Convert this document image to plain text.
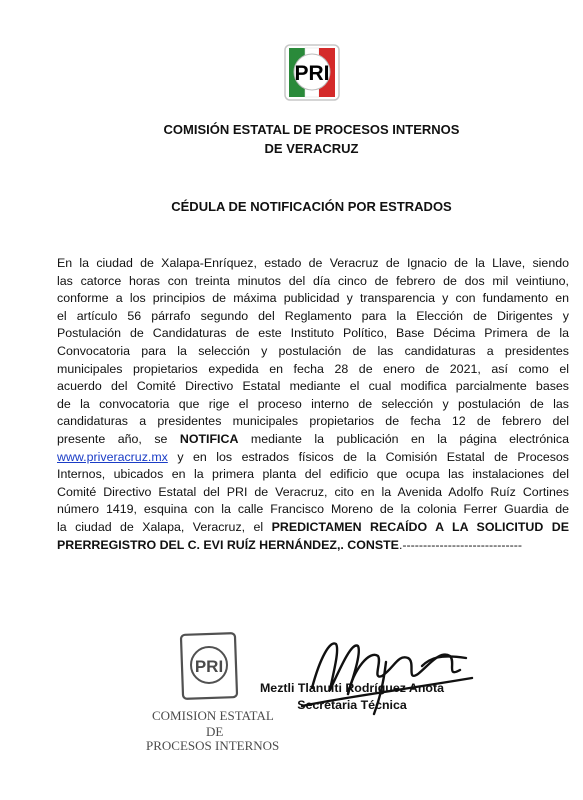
PRI
COMISIÓN ESTATAL DE PROCESOS INTERNOS
DE VERACRUZ
CÉDULA DE NOTIFICACIÓN POR ESTRADOS
En la ciudad de Xalapa-Enríquez, estado de Veracruz de Ignacio de la Llave, siendo
las catorce horas con treinta minutos del día cinco de febrero de dos mil veintiuno,
conforme a los principios de máxima publicidad y transparencia y con fundamento en
el artículo 56 párrafo segundo del Reglamento para la Elección de Dirigentes y
Postulación de Candidaturas de este Instituto Político, Base Décima Primera de la
Convocatoria para la selección y postulación de las candidaturas a presidentes
municipales propietarios expedida en fecha 28 de enero de 2021, así como el
acuerdo del Comité Directivo Estatal mediante el cual modifica parcialmente bases
de la convocatoria que rige el proceso interno de selección y postulación de las
candidaturas a presidentes municipales propietarios de fecha 12 de febrero del
presente año, se NOTIFICA mediante la publicación en la página electrónica
www.priveracruz.mx y en los estrados físicos de la Comisión Estatal de Procesos
Internos, ubicados en la primera planta del edificio que ocupa las instalaciones del
Comité Directivo Estatal del PRI de Veracruz, cito en la Avenida Adolfo Ruíz Cortines
número 1419, esquina con la calle Francisco Moreno de la colonia Ferrer Guardia de
la ciudad de Xalapa, Veracruz, el PREDICTAMEN RECAÍDO A LA SOLICITUD DE
PRERREGISTRO DEL C. EVI RUÍZ HERNÁNDEZ,. CONSTE.-----------------------------
PRI
COMISION ESTATAL
DE
PROCESOS INTERNOS
Meztli Tlanuiti Rodríguez Anota
Secretaria Técnica
